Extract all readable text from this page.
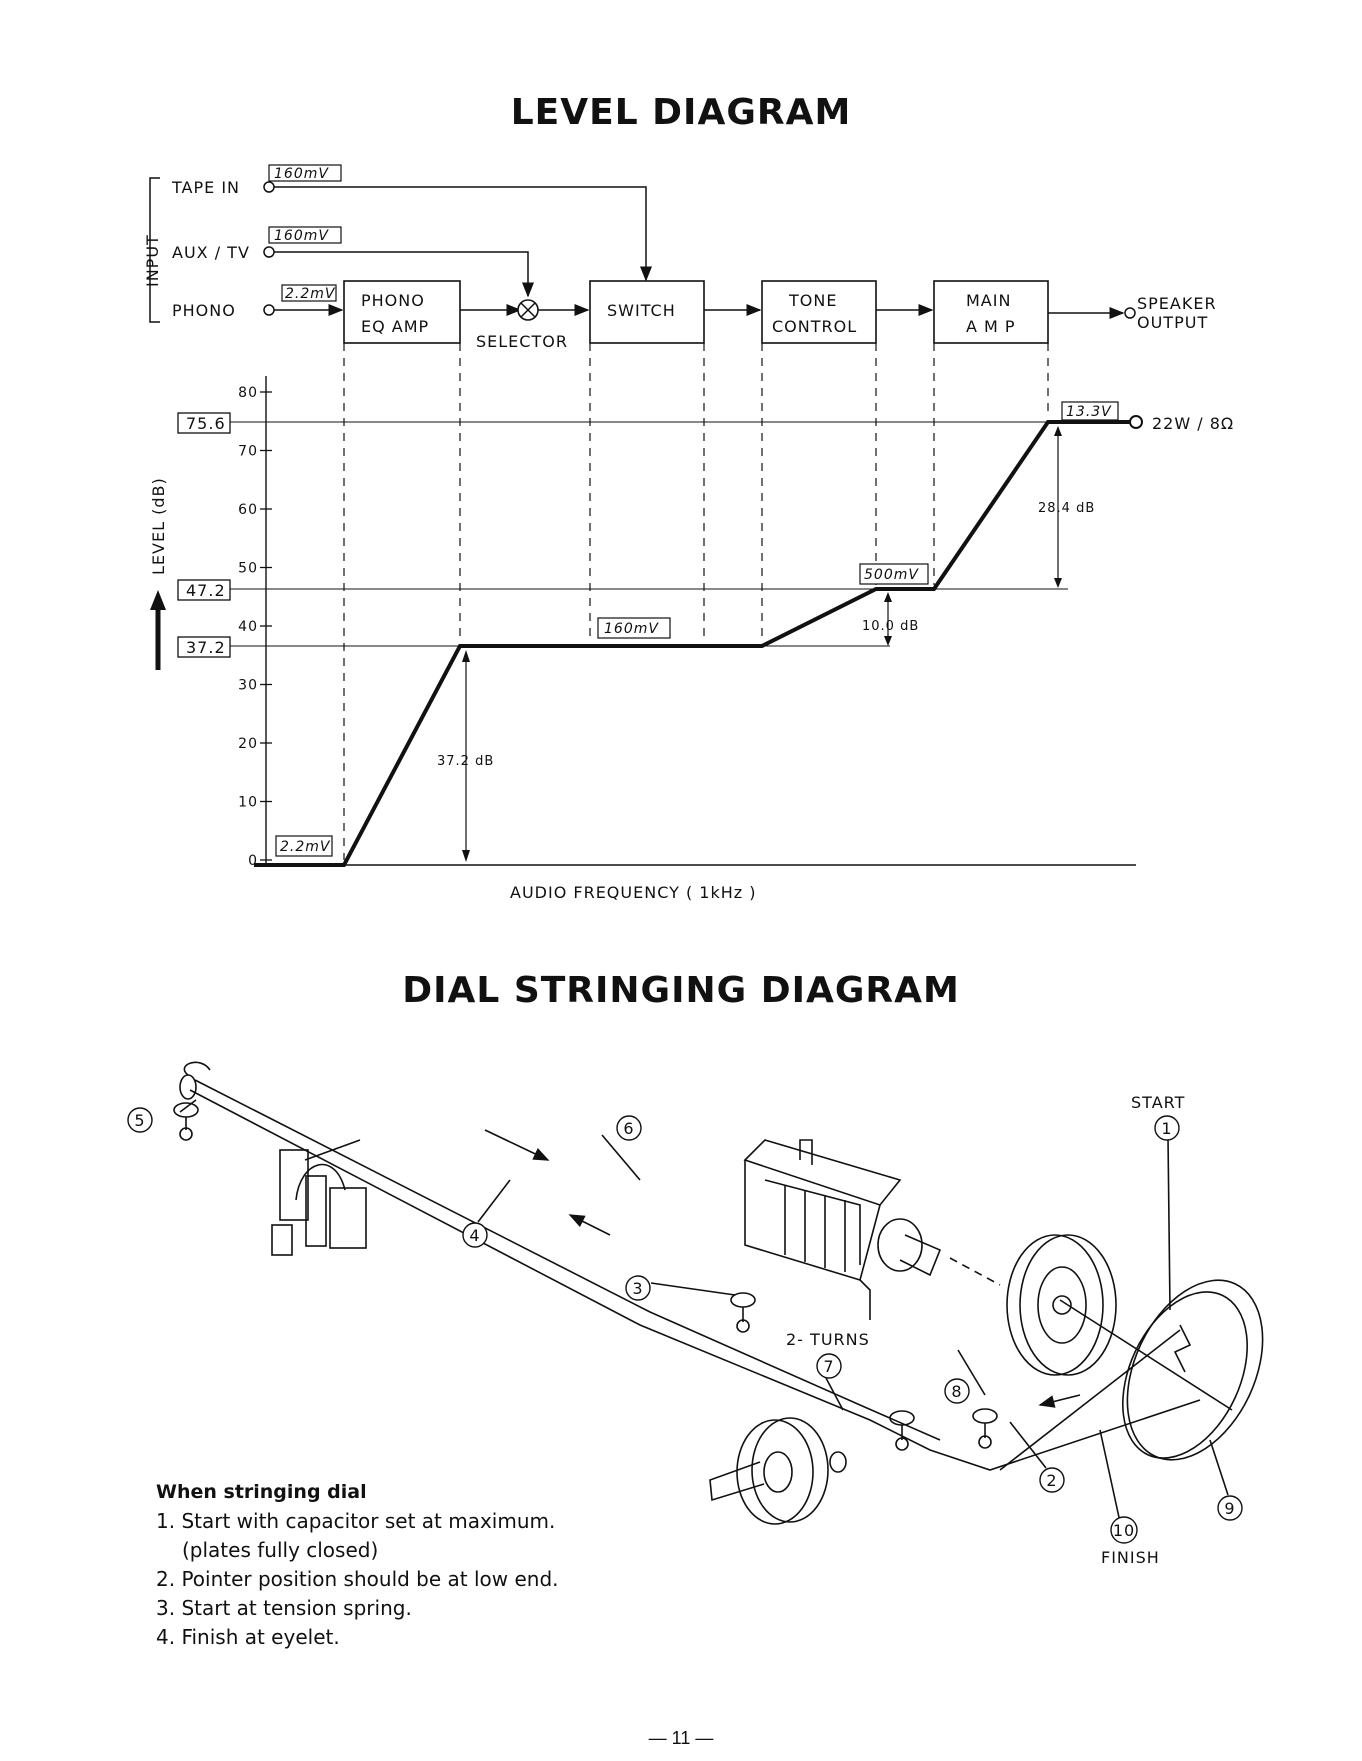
LEVEL DIAGRAM
DIAL STRINGING DIAGRAM
INPUT
TAPE IN
160mV
AUX / TV
160mV
PHONO
2.2mV PHONO
EQ AMP
SELECTOR
SWITCH
TONE
CONTROL
MAIN
A M P
SPEAKER
OUTPUT
80
70
60
50
40
30
20
10
0
LEVEL (dB)
AUDIO FREQUENCY ( 1kHz )
75.6
47.2
37.2
22W / 8Ω
2.2mV
160mV
500mV
13.3V
37.2 dB
10.0 dB
28.4 dB
5
4
6
3
7
8
2
10
9
1
START
FINISH
2- TURNS
When stringing dial
1. Start with capacitor set at maximum.
(plates fully closed)
2. Pointer position should be at low end.
3. Start at tension spring.
4. Finish at eyelet.
— 11 —
